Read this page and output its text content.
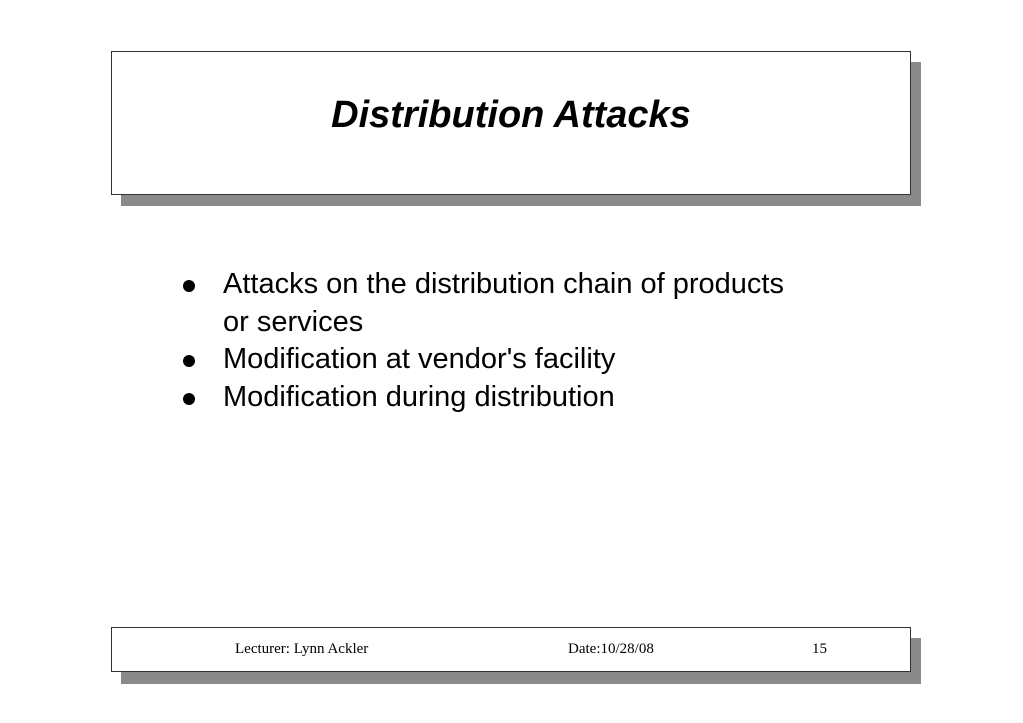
Distribution Attacks
Attacks on the distribution chain of products or services
Modification at vendor's facility
Modification during distribution
Lecturer: Lynn Ackler	Date:10/28/08	15
